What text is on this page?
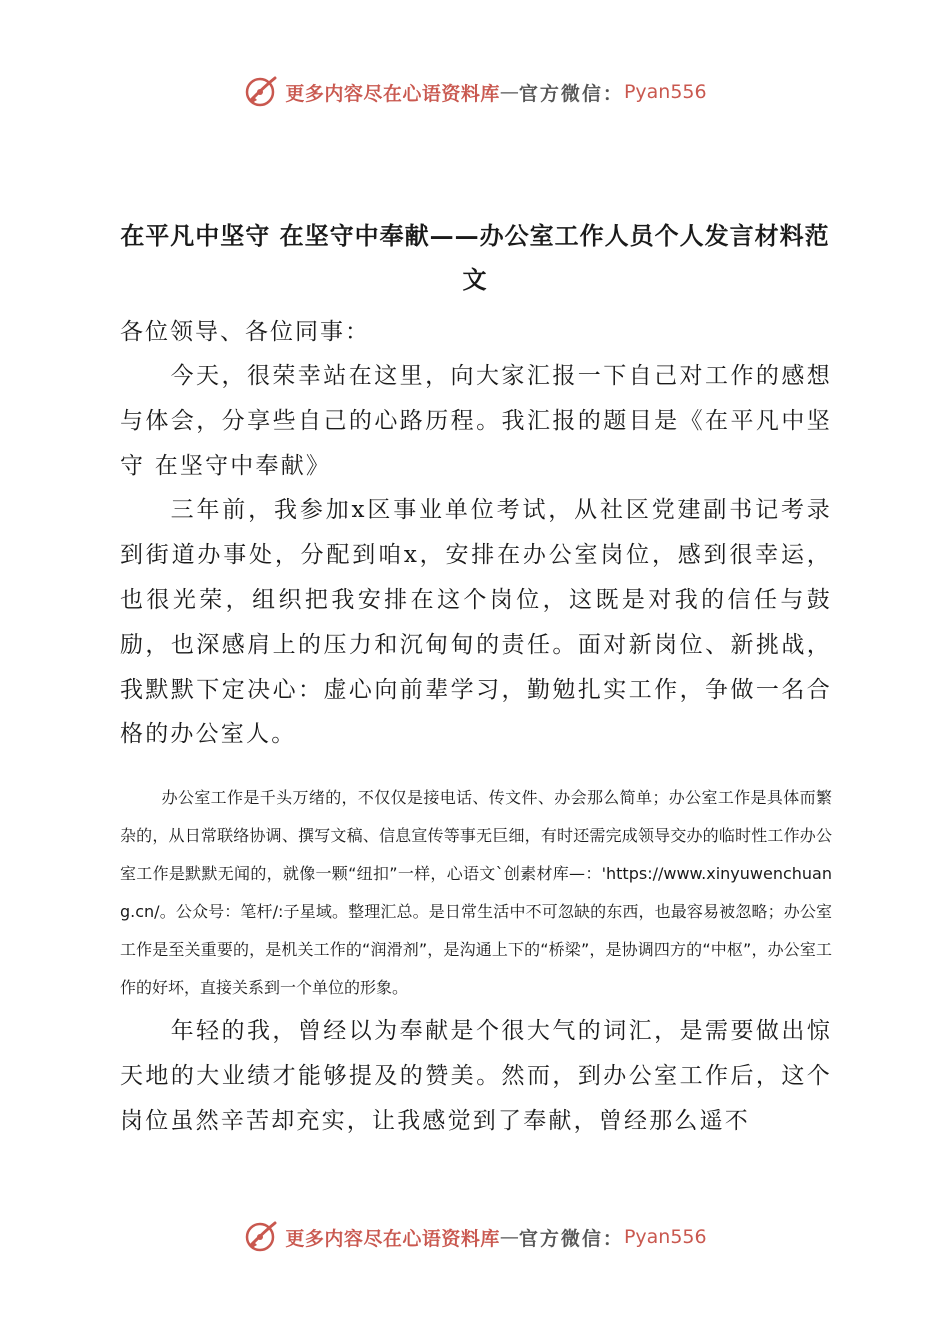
更多内容尽在心语资料库 — 官方微信： Pyan556
在平凡中坚守 在坚守中奉献——办公室工作人员个人发言材料范文

各位领导、各位同事：

今天，很荣幸站在这里，向大家汇报一下自己对工作的感想与体会，分享些自己的心路历程。我汇报的题目是《在平凡中坚守 在坚守中奉献》

三年前，我参加x区事业单位考试，从社区党建副书记考录到街道办事处，分配到咱x，安排在办公室岗位，感到很幸运，也很光荣，组织把我安排在这个岗位，这既是对我的信任与鼓励，也深感肩上的压力和沉甸甸的责任。面对新岗位、新挑战，我默默下定决心：虚心向前辈学习，勤勉扎实工作，争做一名合格的办公室人。

办公室工作是千头万绪的，不仅仅是接电话、传文件、办会那么简单；办公室工作是具体而繁杂的，从日常联络协调、撰写文稿、信息宣传等事无巨细，有时还需完成领导交办的临时性工作办公室工作是默默无闻的，就像一颗“纽扣”一样，心语文`创素材库—：'https://www.xinyuwenchuang.cn/。公众号：笔杆/:子星域。整理汇总。是日常生活中不可忽缺的东西，也最容易被忽略；办公室工作是至关重要的，是机关工作的“润滑剂”，是沟通上下的“桥梁”，是协调四方的“中枢”，办公室工作的好坏，直接关系到一个单位的形象。

年轻的我，曾经以为奉献是个很大气的词汇，是需要做出惊天地的大业绩才能够提及的赞美。然而，到办公室工作后，这个岗位虽然辛苦却充实，让我感觉到了奉献，曾经那么遥不

更多内容尽在心语资料库 — 官方微信： Pyan556
